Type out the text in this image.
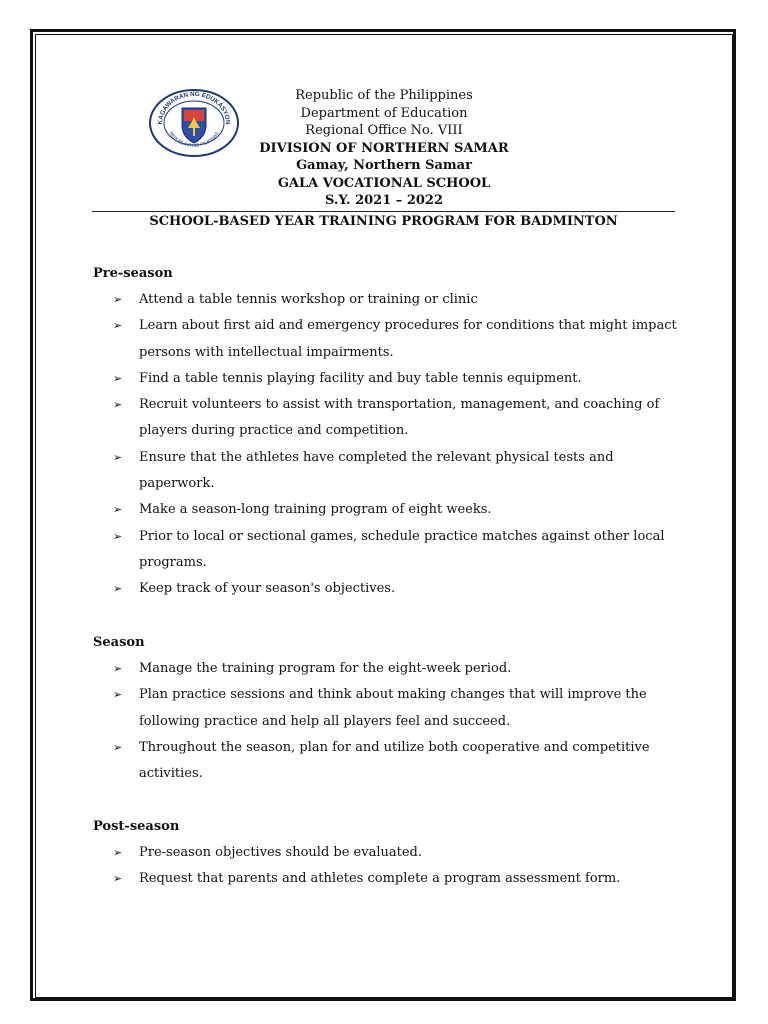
KAGAWARAN NG EDUKASYON
REPUBLIKA NG PILIPINAS
Republic of the Philippines
Department of Education
Regional Office No. VIII
DIVISION OF NORTHERN SAMAR
Gamay, Northern Samar
GALA VOCATIONAL SCHOOL
S.Y. 2021 – 2022
SCHOOL-BASED YEAR TRAINING PROGRAM FOR BADMINTON
Pre-season
➢ Attend a table tennis workshop or training or clinic
➢ Learn about first aid and emergency procedures for conditions that might impact persons with intellectual impairments.
➢ Find a table tennis playing facility and buy table tennis equipment.
➢ Recruit volunteers to assist with transportation, management, and coaching of players during practice and competition.
➢ Ensure that the athletes have completed the relevant physical tests and paperwork.
➢ Make a season-long training program of eight weeks.
➢ Prior to local or sectional games, schedule practice matches against other local programs.
➢ Keep track of your season's objectives.
Season
➢ Manage the training program for the eight-week period.
➢ Plan practice sessions and think about making changes that will improve the following practice and help all players feel and succeed.
➢ Throughout the season, plan for and utilize both cooperative and competitive activities.
Post-season
➢ Pre-season objectives should be evaluated.
➢ Request that parents and athletes complete a program assessment form.
